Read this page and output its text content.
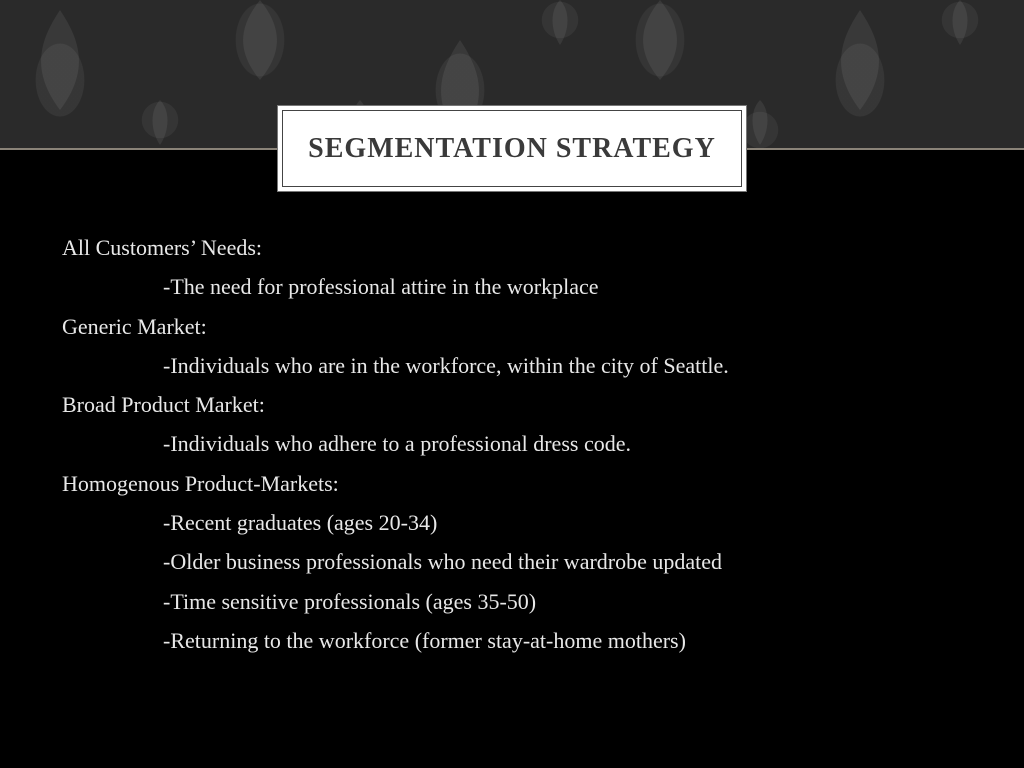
SEGMENTATION STRATEGY
All Customers’ Needs:
-The need for professional attire in the workplace
Generic Market:
-Individuals who are in the workforce, within the city of Seattle.
Broad Product Market:
-Individuals who adhere to a professional dress code.
Homogenous Product-Markets:
-Recent graduates (ages 20-34)
-Older business professionals who need their wardrobe updated
-Time sensitive professionals (ages 35-50)
-Returning to the workforce (former stay-at-home mothers)
